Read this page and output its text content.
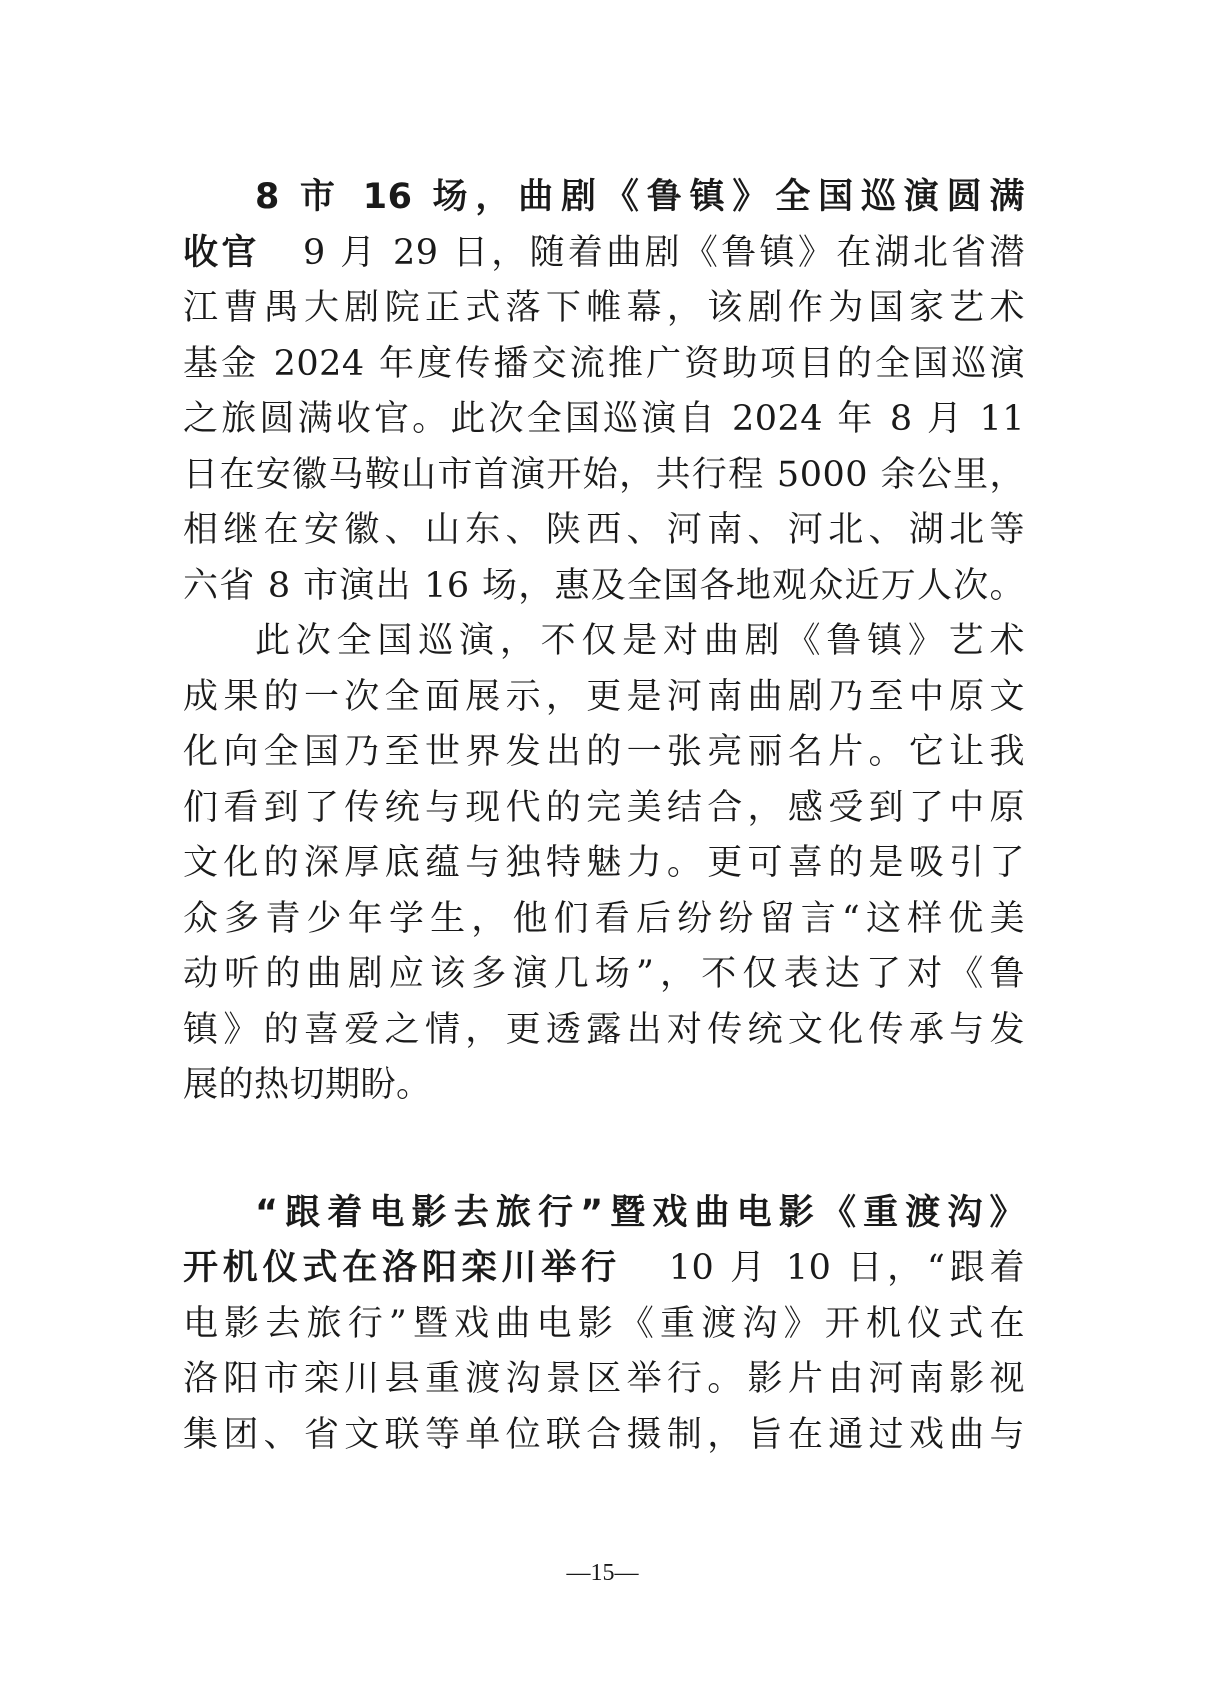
8 市 16 场，曲剧《鲁镇》全国巡演圆满
收官 9 月 29 日，随着曲剧《鲁镇》在湖北省潜
江曹禺大剧院正式落下帷幕，该剧作为国家艺术
基金 2024 年度传播交流推广资助项目的全国巡演
之旅圆满收官。此次全国巡演自 2024 年 8 月 11
日在安徽马鞍山市首演开始，共行程 5000 余公里，
相继在安徽、山东、陕西、河南、河北、湖北等
六省 8 市演出 16 场，惠及全国各地观众近万人次。
此次全国巡演，不仅是对曲剧《鲁镇》艺术
成果的一次全面展示，更是河南曲剧乃至中原文
化向全国乃至世界发出的一张亮丽名片。它让我
们看到了传统与现代的完美结合，感受到了中原
文化的深厚底蕴与独特魅力。更可喜的是吸引了
众多青少年学生，他们看后纷纷留言“这样优美
动听的曲剧应该多演几场”，不仅表达了对《鲁
镇》的喜爱之情，更透露出对传统文化传承与发
展的热切期盼。
“跟着电影去旅行”暨戏曲电影《重渡沟》
开机仪式在洛阳栾川举行 10 月 10 日，“跟着
电影去旅行”暨戏曲电影《重渡沟》开机仪式在
洛阳市栾川县重渡沟景区举行。影片由河南影视
集团、省文联等单位联合摄制，旨在通过戏曲与
—15—
